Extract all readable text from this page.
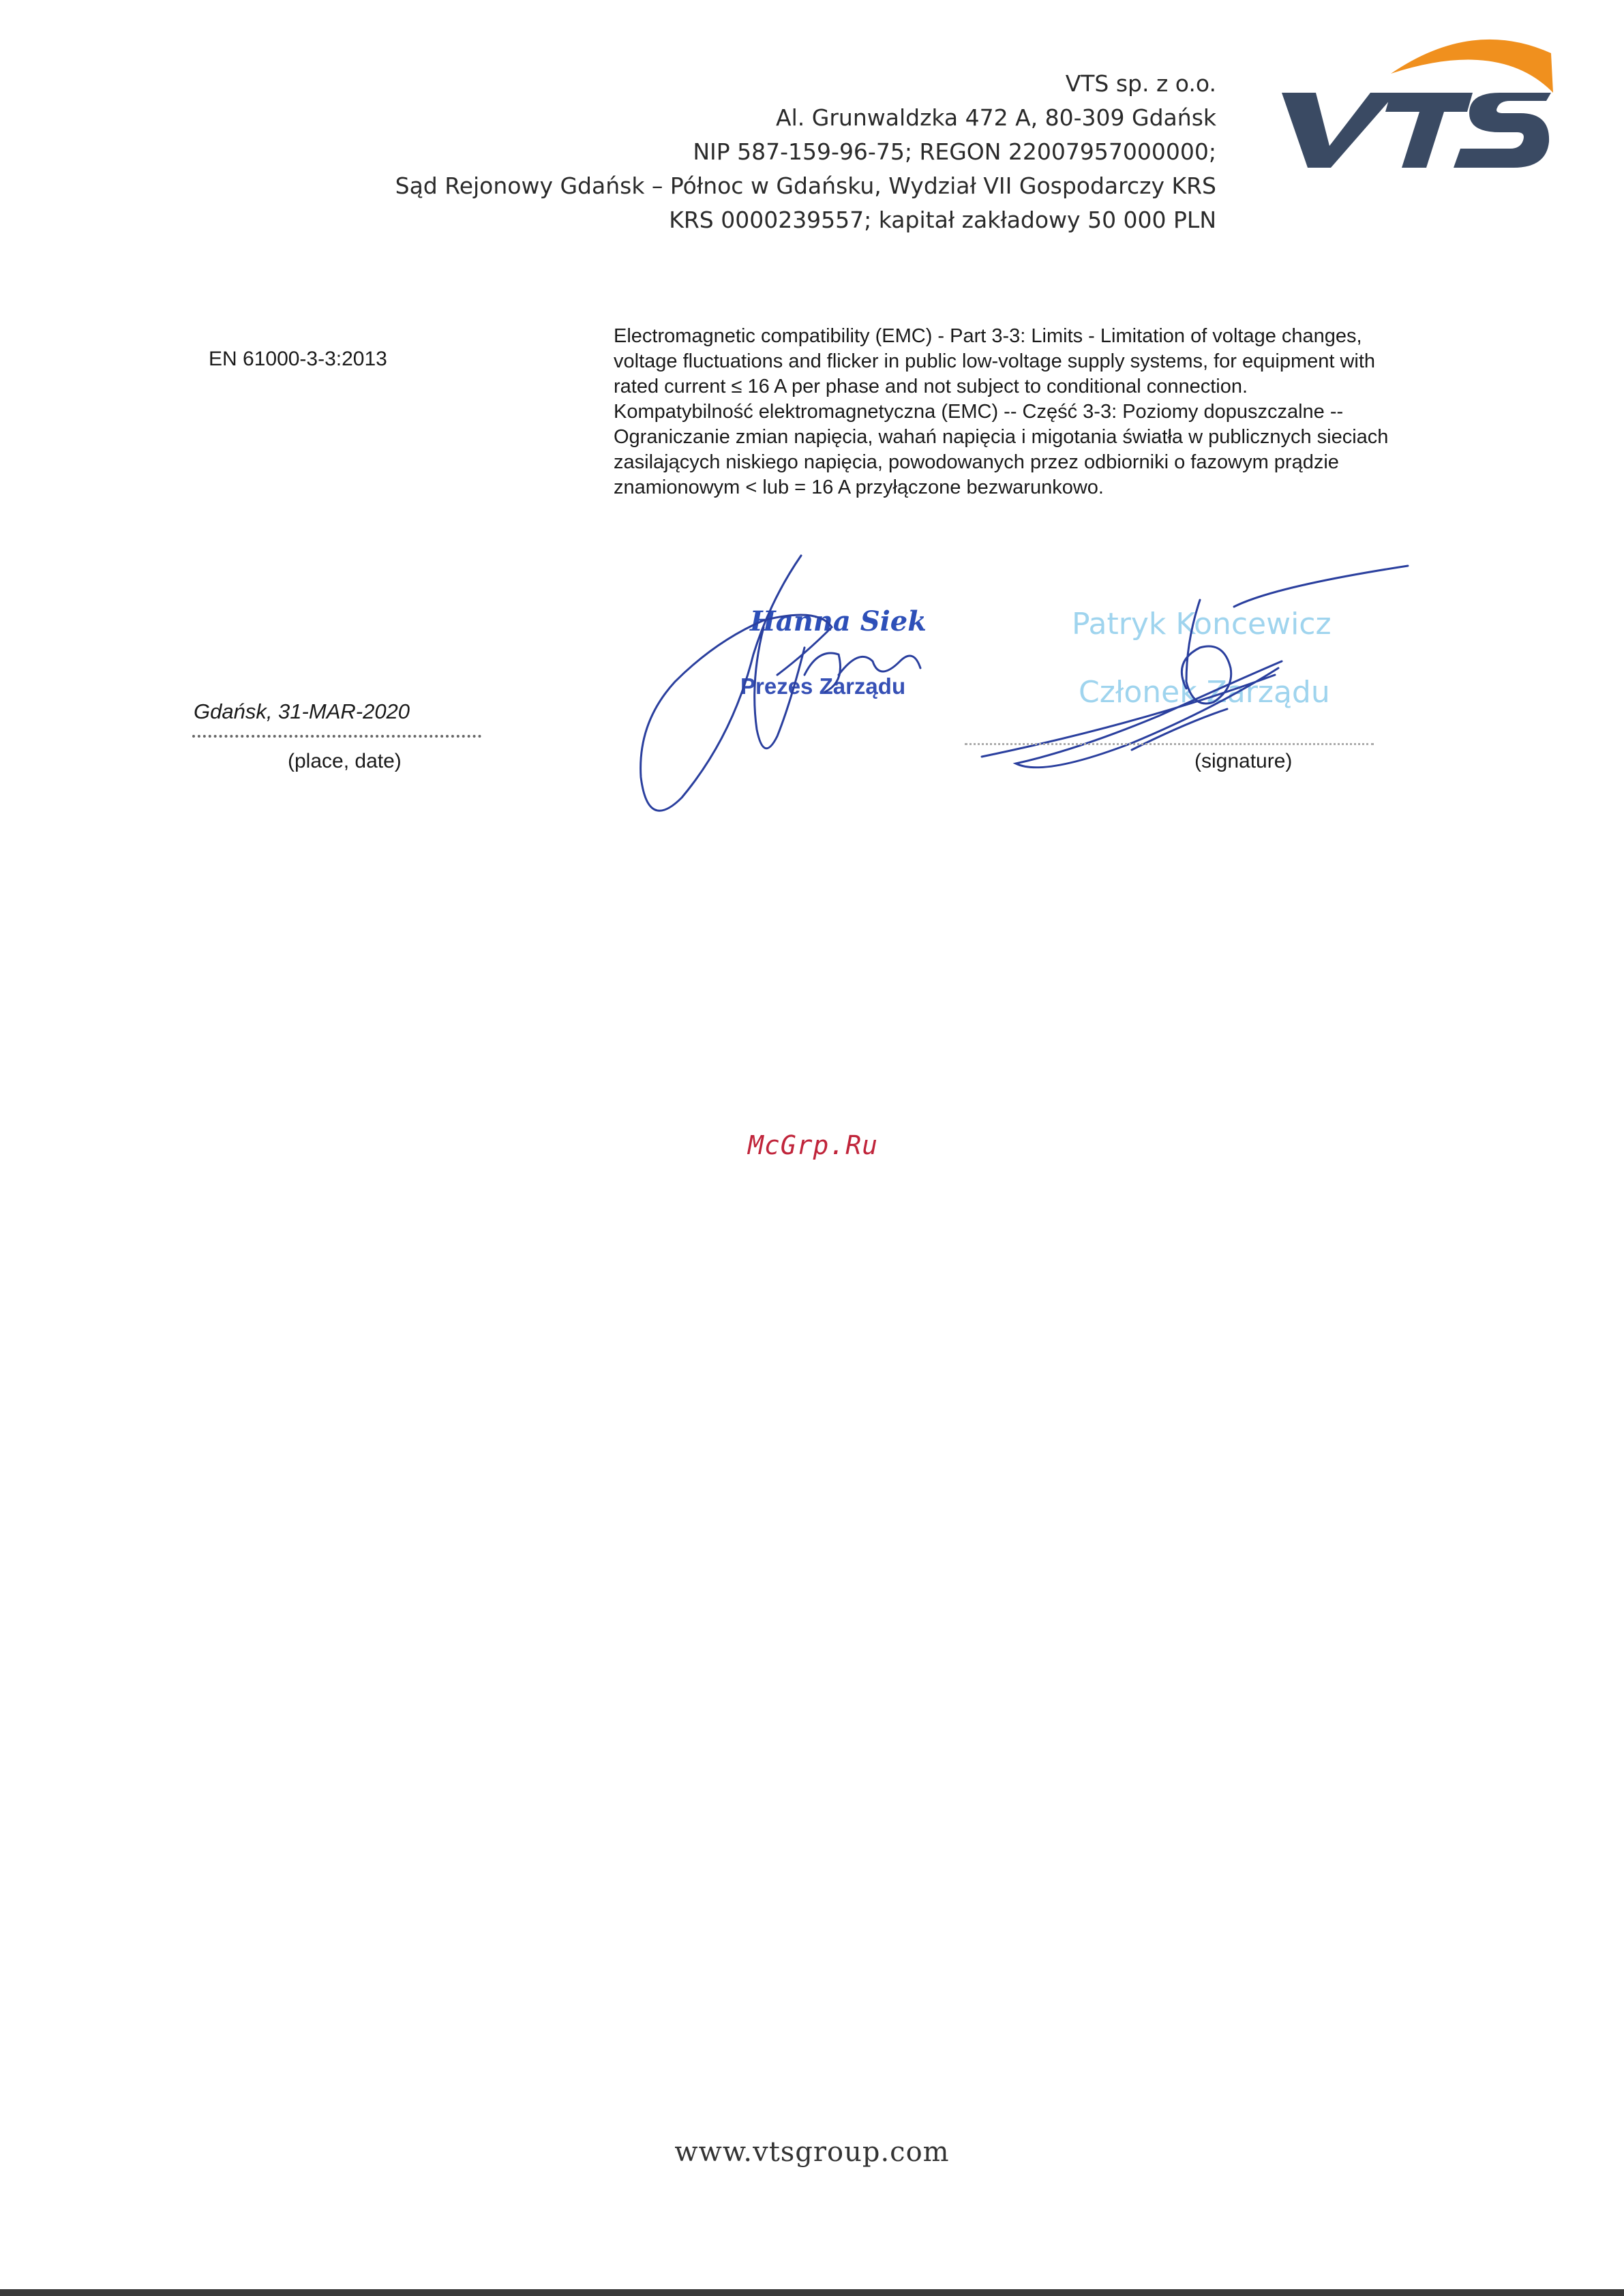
VTS sp. z o.o.
Al. Grunwaldzka 472 A, 80-309 Gdańsk
NIP 587-159-96-75; REGON 22007957000000;
Sąd Rejonowy Gdańsk – Północ w Gdańsku, Wydział VII Gospodarczy KRS
KRS 0000239557; kapitał zakładowy 50 000 PLN
EN 61000-3-3:2013
Electromagnetic compatibility (EMC) - Part 3-3: Limits - Limitation of voltage changes,
voltage fluctuations and flicker in public low-voltage supply systems, for equipment with
rated current ≤ 16 A per phase and not subject to conditional connection.
Kompatybilność elektromagnetyczna (EMC) -- Część 3-3: Poziomy dopuszczalne --
Ograniczanie zmian napięcia, wahań napięcia i migotania światła w publicznych sieciach
zasilających niskiego napięcia, powodowanych przez odbiorniki o fazowym prądzie
znamionowym < lub = 16 A przyłączone bezwarunkowo.
Gdańsk, 31-MAR-2020
(place, date)
Hanna Siek
Prezes Zarządu
Patryk Koncewicz
Członek Zarządu
(signature)
McGrp.Ru
www.vtsgroup.com
